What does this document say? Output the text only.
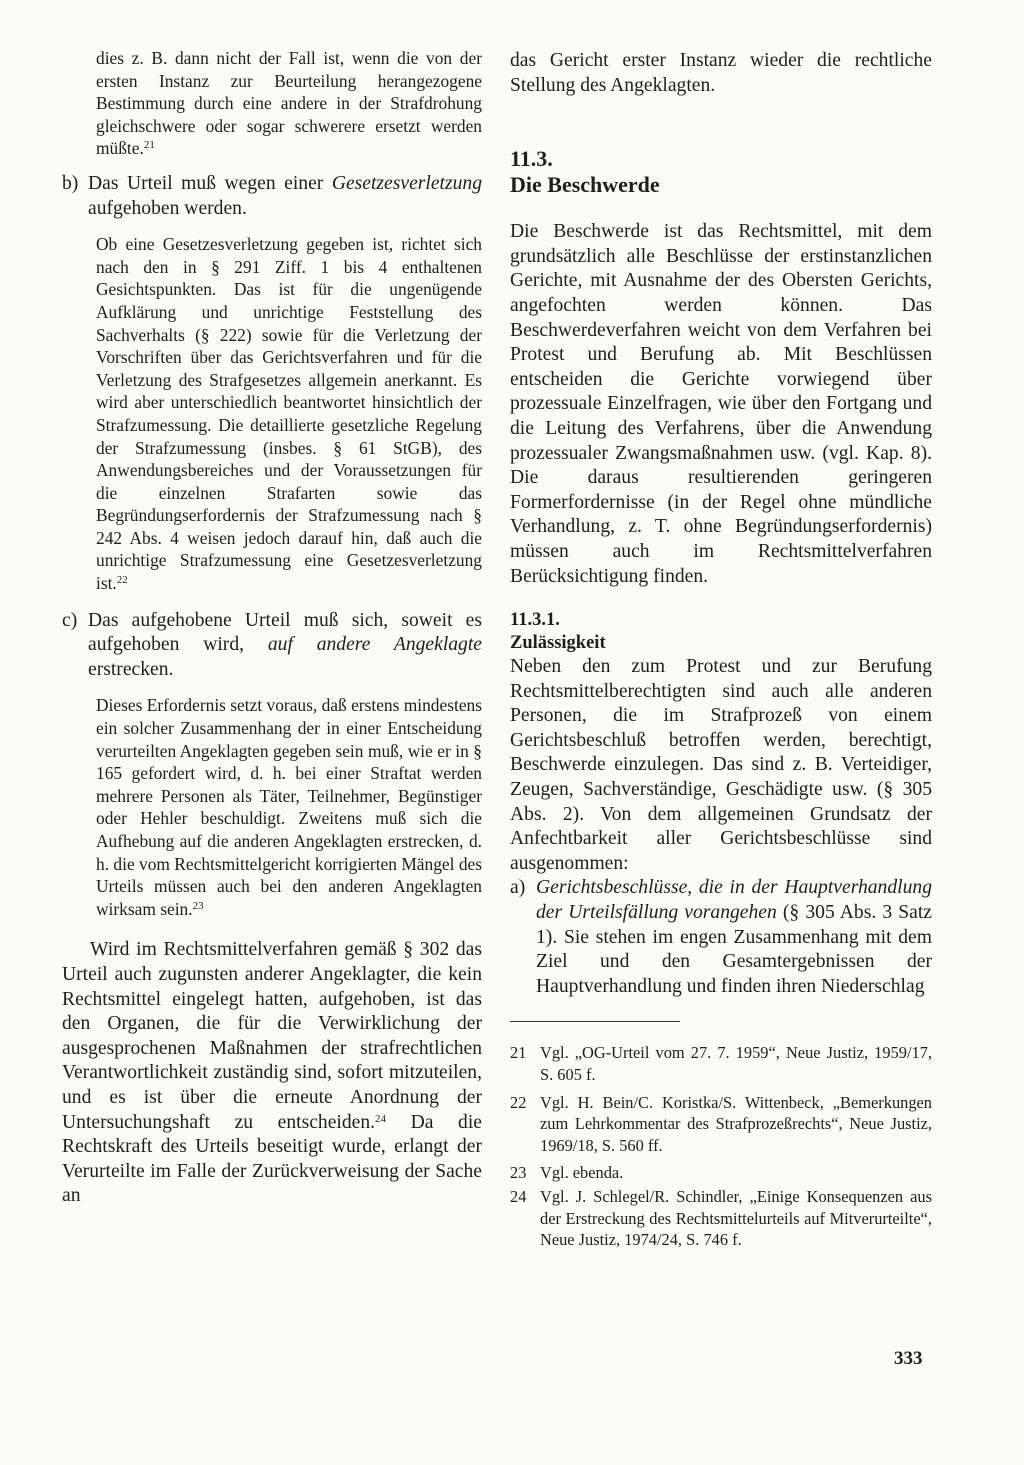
dies z. B. dann nicht der Fall ist, wenn die von der ersten Instanz zur Beurteilung herangezogene Bestimmung durch eine andere in der Strafdrohung gleichschwere oder sogar schwerere ersetzt werden müßte.$^{21}$

b) Das Urteil muß wegen einer Gesetzesverletzung aufgehoben werden.

Ob eine Gesetzesverletzung gegeben ist, richtet sich nach den in § 291 Ziff. 1 bis 4 enthaltenen Gesichtspunkten. Das ist für die ungenügende Aufklärung und unrichtige Feststellung des Sachverhalts (§ 222) sowie für die Verletzung der Vorschriften über das Gerichtsverfahren und für die Verletzung des Strafgesetzes allgemein anerkannt. Es wird aber unterschiedlich beantwortet hinsichtlich der Strafzumessung. Die detaillierte gesetzliche Regelung der Strafzumessung (insbes. § 61 StGB), des Anwendungsbereiches und der Voraussetzungen für die einzelnen Strafarten sowie das Begründungserfordernis der Strafzumessung nach § 242 Abs. 4 weisen jedoch darauf hin, daß auch die unrichtige Strafzumessung eine Gesetzesverletzung ist.$^{22}$

c) Das aufgehobene Urteil muß sich, soweit es aufgehoben wird, auf andere Angeklagte erstrecken.

Dieses Erfordernis setzt voraus, daß erstens mindestens ein solcher Zusammenhang der in einer Entscheidung verurteilten Angeklagten gegeben sein muß, wie er in § 165 gefordert wird, d. h. bei einer Straftat werden mehrere Personen als Täter, Teilnehmer, Begünstiger oder Hehler beschuldigt. Zweitens muß sich die Aufhebung auf die anderen Angeklagten erstrecken, d. h. die vom Rechtsmittelgericht korrigierten Mängel des Urteils müssen auch bei den anderen Angeklagten wirksam sein.$^{23}$

Wird im Rechtsmittelverfahren gemäß § 302 das Urteil auch zugunsten anderer Angeklagter, die kein Rechtsmittel eingelegt hatten, aufgehoben, ist das den Organen, die für die Verwirklichung der ausgesprochenen Maßnahmen der strafrechtlichen Verantwortlichkeit zuständig sind, sofort mitzuteilen, und es ist über die erneute Anordnung der Untersuchungshaft zu entscheiden.$^{24}$ Da die Rechtskraft des Urteils beseitigt wurde, erlangt der Verurteilte im Falle der Zurückverweisung der Sache an

das Gericht erster Instanz wieder die rechtliche Stellung des Angeklagten.

11.3.

Die Beschwerde

Die Beschwerde ist das Rechtsmittel, mit dem grundsätzlich alle Beschlüsse der erstinstanzlichen Gerichte, mit Ausnahme der des Obersten Gerichts, angefochten werden können. Das Beschwerdeverfahren weicht von dem Verfahren bei Protest und Berufung ab. Mit Beschlüssen entscheiden die Gerichte vorwiegend über prozessuale Einzelfragen, wie über den Fortgang und die Leitung des Verfahrens, über die Anwendung prozessualer Zwangsmaßnahmen usw. (vgl. Kap. 8). Die daraus resultierenden geringeren Formerfordernisse (in der Regel ohne mündliche Verhandlung, z. T. ohne Begründungserfordernis) müssen auch im Rechtsmittelverfahren Berücksichtigung finden.

11.3.1.

Zulässigkeit

Neben den zum Protest und zur Berufung Rechtsmittelberechtigten sind auch alle anderen Personen, die im Strafprozeß von einem Gerichtsbeschluß betroffen werden, berechtigt, Beschwerde einzulegen. Das sind z. B. Verteidiger, Zeugen, Sachverständige, Geschädigte usw. (§ 305 Abs. 2). Von dem allgemeinen Grundsatz der Anfechtbarkeit aller Gerichtsbeschlüsse sind ausgenommen:

a) Gerichtsbeschlüsse, die in der Hauptverhandlung der Urteilsfällung vorangehen (§ 305 Abs. 3 Satz 1). Sie stehen im engen Zusammenhang mit dem Ziel und den Gesamtergebnissen der Hauptverhandlung und finden ihren Niederschlag
21 Vgl. „OG-Urteil vom 27. 7. 1959“, Neue Justiz, 1959/17, S. 605 f.
22 Vgl. H. Bein/C. Koristka/S. Wittenbeck, „Bemerkungen zum Lehrkommentar des Strafprozeßrechts“, Neue Justiz, 1969/18, S. 560 ff.
23 Vgl. ebenda.
24 Vgl. J. Schlegel/R. Schindler, „Einige Konsequenzen aus der Erstreckung des Rechtsmittelurteils auf Mitverurteilte“, Neue Justiz, 1974/24, S. 746 f.
333
